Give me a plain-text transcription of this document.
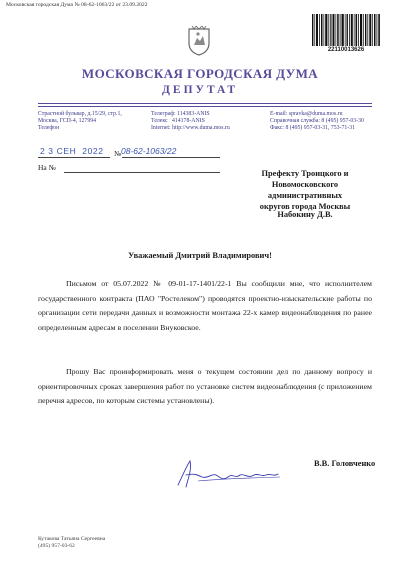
Московская городская Дума № 08-62-1063/22 от 23.09.2022
22110013626
МОСКОВСКАЯ ГОРОДСКАЯ ДУМА
ДЕПУТАТ
Страстной бульвар, д.15/29, стр.1,
Москва, ГСП-4, 127994
Телефон
Телеграф: 114383-ANIS
Телекс   414178-ANIS
Internet: http://www.duma.mos.ru
E-mail: spravka@duma.mos.ru
Справочная служба: 8 (495) 957-03-30
Факс: 8 (495) 957-03-31, 753-71-31
2 3 СЕН  2022 № 08-62-1063/22
На №
Префекту Троицкого и
Новомосковского административных
округов города Москвы
Набокину Д.В.
Уважаемый Дмитрий Владимирович!
Письмом от 05.07.2022 № 09-01-17-1401/22-1 Вы сообщили мне, что исполнителем государственного контракта (ПАО "Ростелеком") проводятся проектно-изыскательские работы по организации сети передачи данных и возможности монтажа 22-х камер видеонаблюдения по ранее определенным адресам в поселении Внуковское.
Прошу Вас проинформировать меня о текущем состоянии дел по данному вопросу и ориентировочных сроках завершения работ по установке систем видеонаблюдения (с приложением перечня адресов, по которым системы установлены).
В.В. Головченко
Кутакова Татьяна Сергеевна
(495) 957-03-62
